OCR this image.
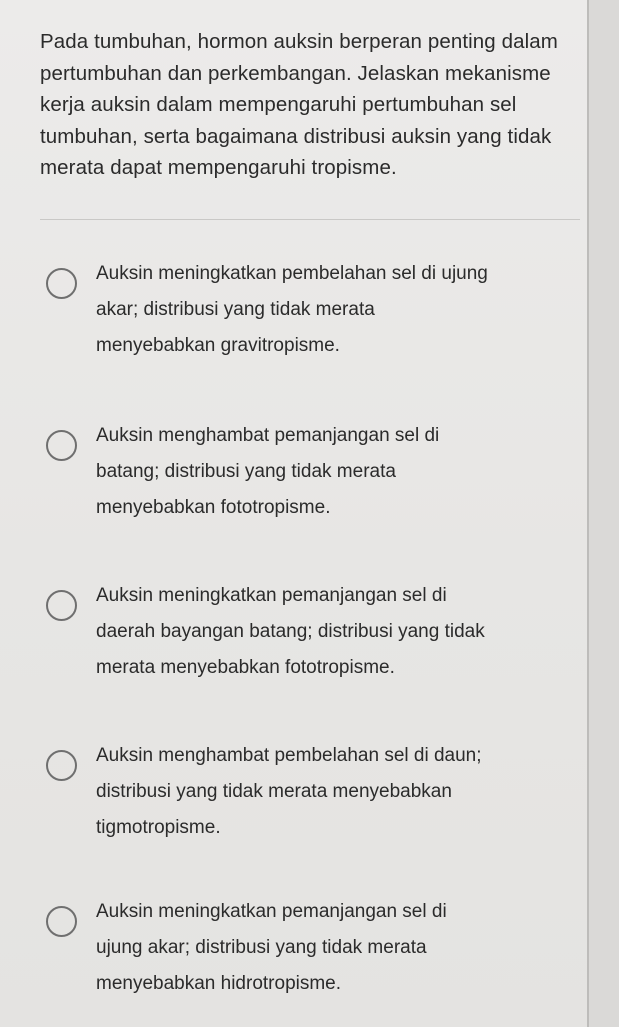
Pada tumbuhan, hormon auksin berperan penting dalam
pertumbuhan dan perkembangan. Jelaskan mekanisme
kerja auksin dalam mempengaruhi pertumbuhan sel
tumbuhan, serta bagaimana distribusi auksin yang tidak
merata dapat mempengaruhi tropisme.

Auksin meningkatkan pembelahan sel di ujung
akar; distribusi yang tidak merata
menyebabkan gravitropisme.

Auksin menghambat pemanjangan sel di
batang; distribusi yang tidak merata
menyebabkan fototropisme.

Auksin meningkatkan pemanjangan sel di
daerah bayangan batang; distribusi yang tidak
merata menyebabkan fototropisme.

Auksin menghambat pembelahan sel di daun;
distribusi yang tidak merata menyebabkan
tigmotropisme.

Auksin meningkatkan pemanjangan sel di
ujung akar; distribusi yang tidak merata
menyebabkan hidrotropisme.
